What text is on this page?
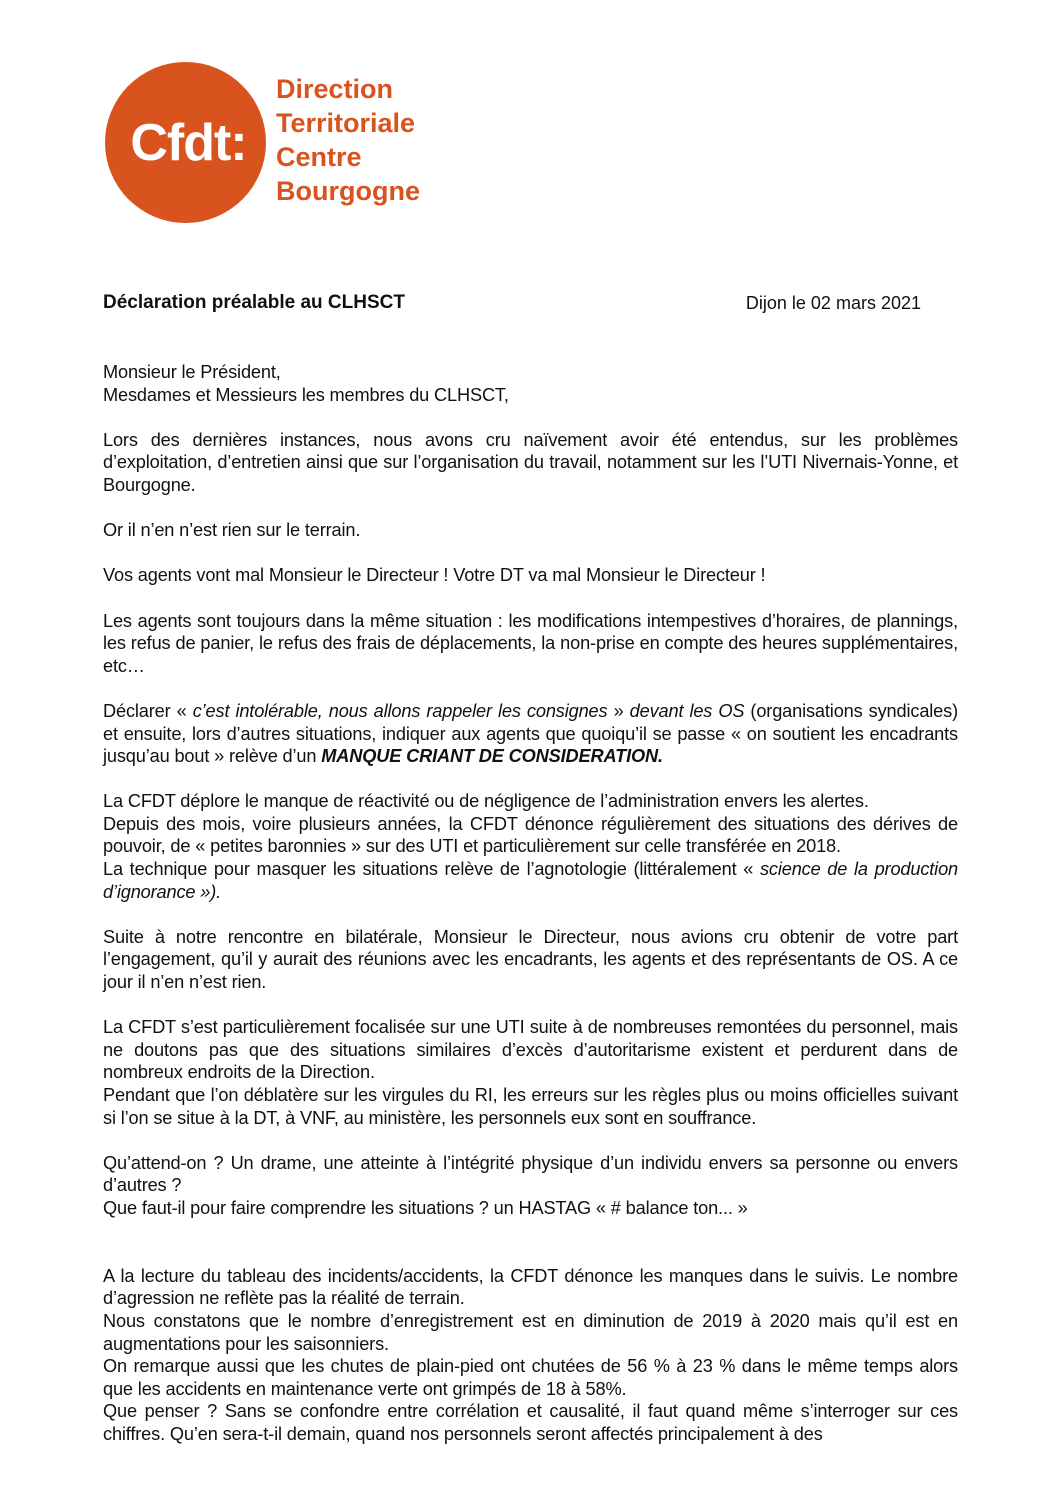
Cfdt:
Direction
Territoriale
Centre
Bourgogne
Déclaration préalable au CLHSCT	Dijon le 02 mars 2021

Monsieur le Président,
Mesdames et Messieurs les membres du CLHSCT,

Lors des dernières instances, nous avons cru naïvement avoir été entendus, sur les problèmes d’exploitation, d’entretien ainsi que sur l’organisation du travail, notamment sur les l’UTI Nivernais-Yonne, et Bourgogne.

Or il n’en n’est rien sur le terrain.

Vos agents vont mal Monsieur le Directeur ! Votre DT va mal Monsieur le Directeur !

Les agents sont toujours dans la même situation : les modifications intempestives d’horaires, de plannings, les refus de panier, le refus des frais de déplacements, la non-prise en compte des heures supplémentaires, etc…

Déclarer « c’est intolérable, nous allons rappeler les consignes » devant les OS (organisations syndicales) et ensuite, lors d’autres situations, indiquer aux agents que quoiqu’il se passe « on soutient les encadrants jusqu’au bout » relève d’un MANQUE CRIANT DE CONSIDERATION.

La CFDT déplore le manque de réactivité ou de négligence de l’administration envers les alertes.
Depuis des mois, voire plusieurs années, la CFDT dénonce régulièrement des situations des dérives de pouvoir, de « petites baronnies » sur des UTI et particulièrement sur celle transférée en 2018.
La technique pour masquer les situations relève de l’agnotologie (littéralement « science de la production d’ignorance »).

Suite à notre rencontre en bilatérale, Monsieur le Directeur, nous avions cru obtenir de votre part l’engagement, qu’il y aurait des réunions avec les encadrants, les agents et des représentants de OS. A ce jour il n’en n’est rien.

La CFDT s’est particulièrement focalisée sur une UTI suite à de nombreuses remontées du personnel, mais ne doutons pas que des situations similaires d’excès d’autoritarisme existent et perdurent dans de nombreux endroits de la Direction.
Pendant que l’on déblatère sur les virgules du RI, les erreurs sur les règles plus ou moins officielles suivant si l’on se situe à la DT, à VNF, au ministère, les personnels eux sont en souffrance.

Qu’attend-on ? Un drame, une atteinte à l’intégrité physique d’un individu envers sa personne ou envers d’autres ?
Que faut-il pour faire comprendre les situations ? un HASTAG « # balance ton... »

A la lecture du tableau des incidents/accidents, la CFDT dénonce les manques dans le suivis. Le nombre d’agression ne reflète pas la réalité de terrain.
Nous constatons que le nombre d’enregistrement est en diminution de 2019 à 2020 mais qu’il est en augmentations pour les saisonniers.
On remarque aussi que les chutes de plain-pied ont chutées de 56 % à 23 % dans le même temps alors que les accidents en maintenance verte ont grimpés de 18 à 58%.
Que penser ? Sans se confondre entre corrélation et causalité, il faut quand même s’interroger sur ces chiffres. Qu’en sera-t-il demain, quand nos personnels seront affectés principalement à des
